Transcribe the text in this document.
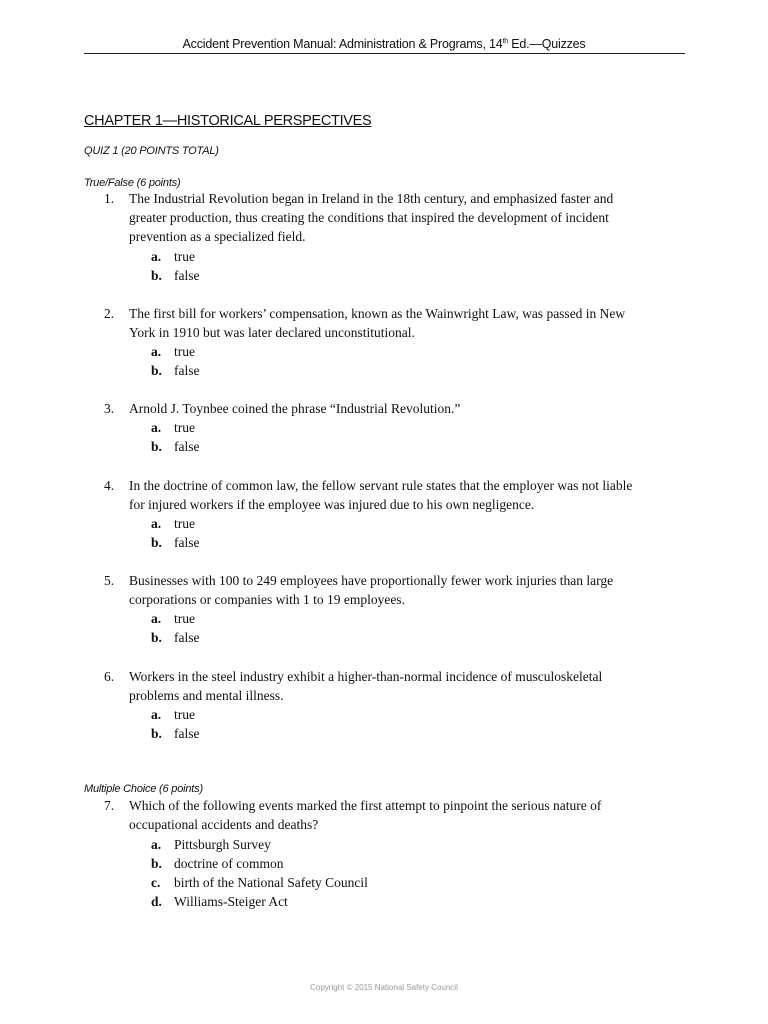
Accident Prevention Manual: Administration & Programs, 14th Ed.—Quizzes
CHAPTER 1—HISTORICAL PERSPECTIVES
QUIZ 1 (20 POINTS TOTAL)
True/False (6 points)
1.	The Industrial Revolution began in Ireland in the 18th century, and emphasized faster and
greater production, thus creating the conditions that inspired the development of incident
prevention as a specialized field.
a. true
b. false
2.	The first bill for workers’ compensation, known as the Wainwright Law, was passed in New
York in 1910 but was later declared unconstitutional.
a. true
b. false
3.	Arnold J. Toynbee coined the phrase “Industrial Revolution.”
a. true
b. false
4.	In the doctrine of common law, the fellow servant rule states that the employer was not liable
for injured workers if the employee was injured due to his own negligence.
a. true
b. false
5.	Businesses with 100 to 249 employees have proportionally fewer work injuries than large
corporations or companies with 1 to 19 employees.
a. true
b. false
6.	Workers in the steel industry exhibit a higher-than-normal incidence of musculoskeletal
problems and mental illness.
a. true
b. false
Multiple Choice (6 points)
7.	Which of the following events marked the first attempt to pinpoint the serious nature of
occupational accidents and deaths?
a. Pittsburgh Survey
b. doctrine of common
c. birth of the National Safety Council
d. Williams-Steiger Act
Copyright © 2015 National Safety Council
